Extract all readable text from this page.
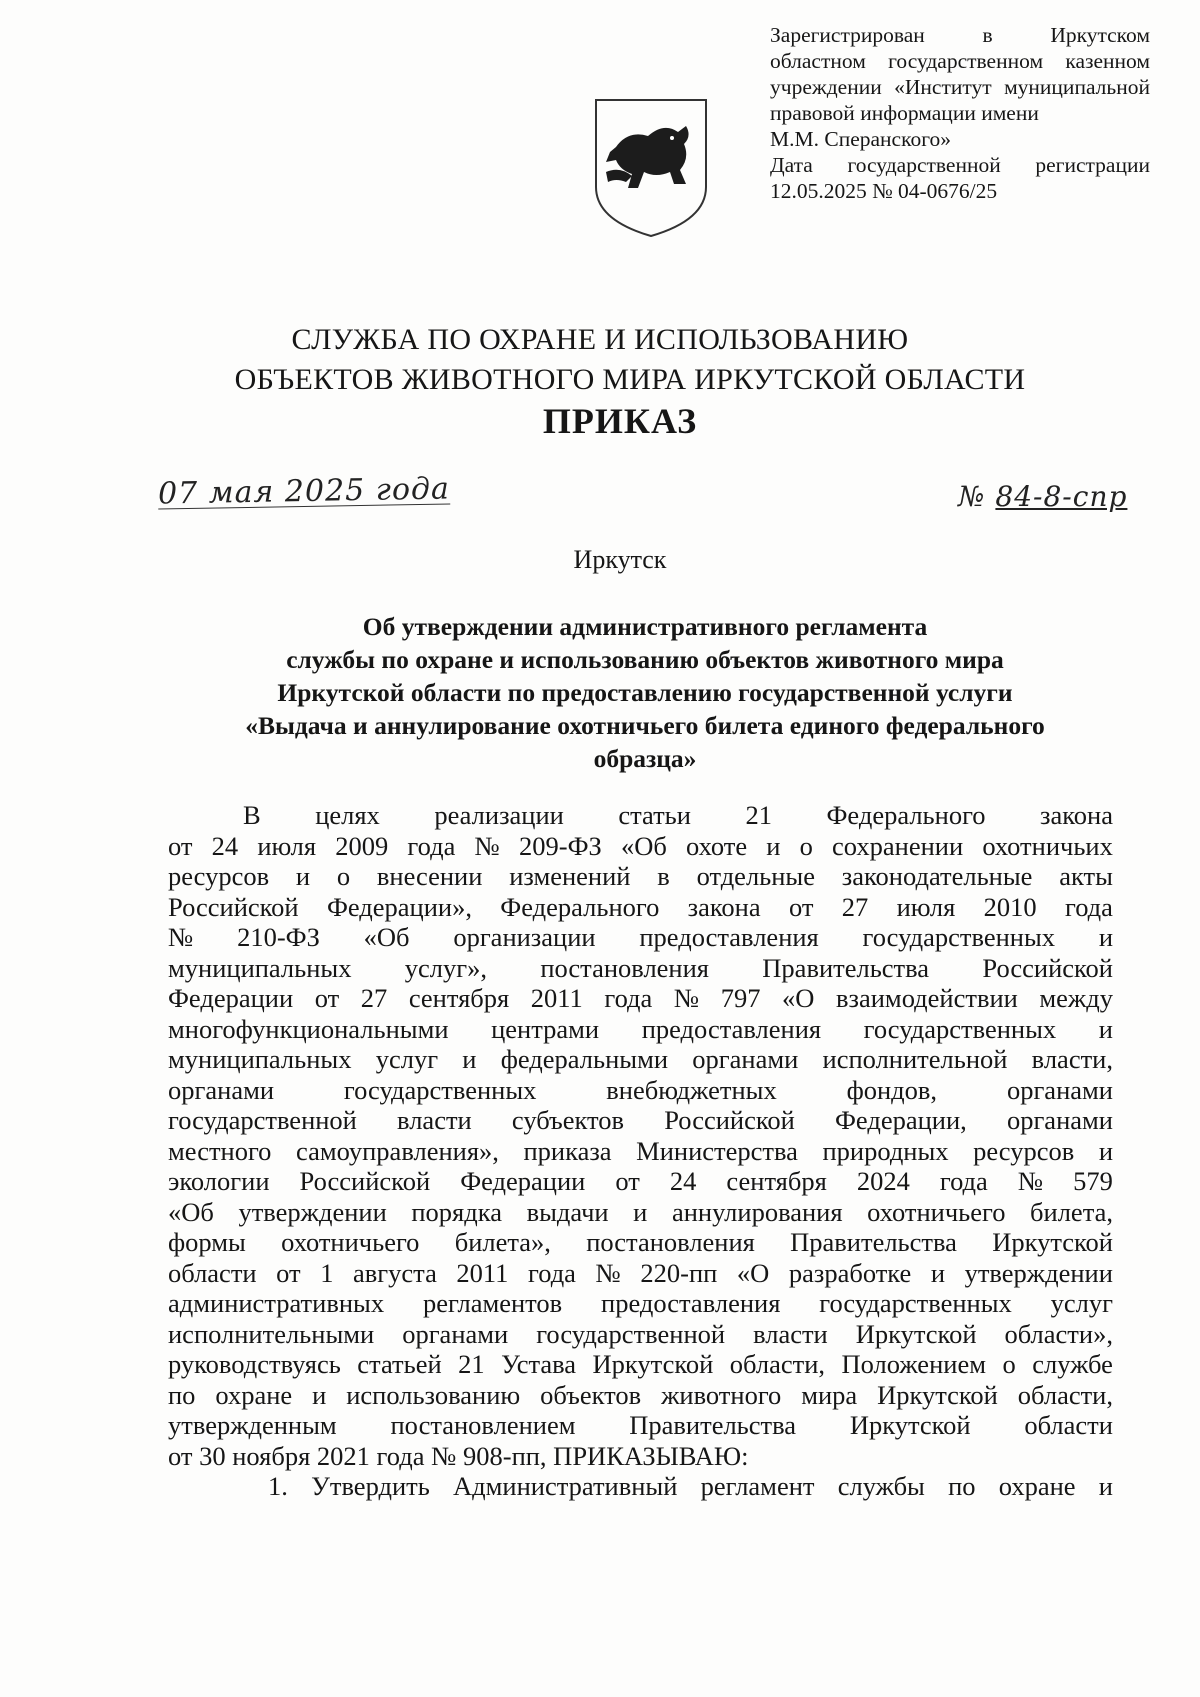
Зарегистрирован	в	Иркутском
областном государственном казенном
учреждении «Институт муниципальной
правовой информации имени
М.М. Сперанского»
Дата государственной регистрации
12.05.2025 № 04-0676/25
СЛУЖБА ПО ОХРАНЕ И ИСПОЛЬЗОВАНИЮ
ОБЪЕКТОВ ЖИВОТНОГО МИРА ИРКУТСКОЙ ОБЛАСТИ
ПРИКАЗ
07 мая 2025 года	№ 84-8-спр
Иркутск
Об утверждении административного регламента
службы по охране и использованию объектов животного мира
Иркутской области по предоставлению государственной услуги
«Выдача и аннулирование охотничьего билета единого федерального
образца»
В целях реализации статьи 21 Федерального закона
от 24 июля 2009 года № 209-ФЗ «Об охоте и о сохранении охотничьих
ресурсов и о внесении изменений в отдельные законодательные акты
Российской Федерации», Федерального закона от 27 июля 2010 года
№ 210-ФЗ «Об организации предоставления государственных и
муниципальных услуг», постановления Правительства Российской
Федерации от 27 сентября 2011 года № 797 «О взаимодействии между
многофункциональными центрами предоставления государственных и
муниципальных услуг и федеральными органами исполнительной власти,
органами	государственных	внебюджетных	фондов,	органами
государственной власти субъектов Российской Федерации, органами
местного самоуправления», приказа Министерства природных ресурсов и
экологии Российской Федерации от 24 сентября 2024 года № 579
«Об утверждении порядка выдачи и аннулирования охотничьего билета,
формы охотничьего билета», постановления Правительства Иркутской
области от 1 августа 2011 года № 220-пп «О разработке и утверждении
административных регламентов предоставления государственных услуг
исполнительными органами государственной власти Иркутской области»,
руководствуясь статьей 21 Устава Иркутской области, Положением о службе
по охране и использованию объектов животного мира Иркутской области,
утвержденным постановлением Правительства Иркутской области
от 30 ноября 2021 года № 908-пп, ПРИКАЗЫВАЮ:
1. Утвердить Административный регламент службы по охране и
